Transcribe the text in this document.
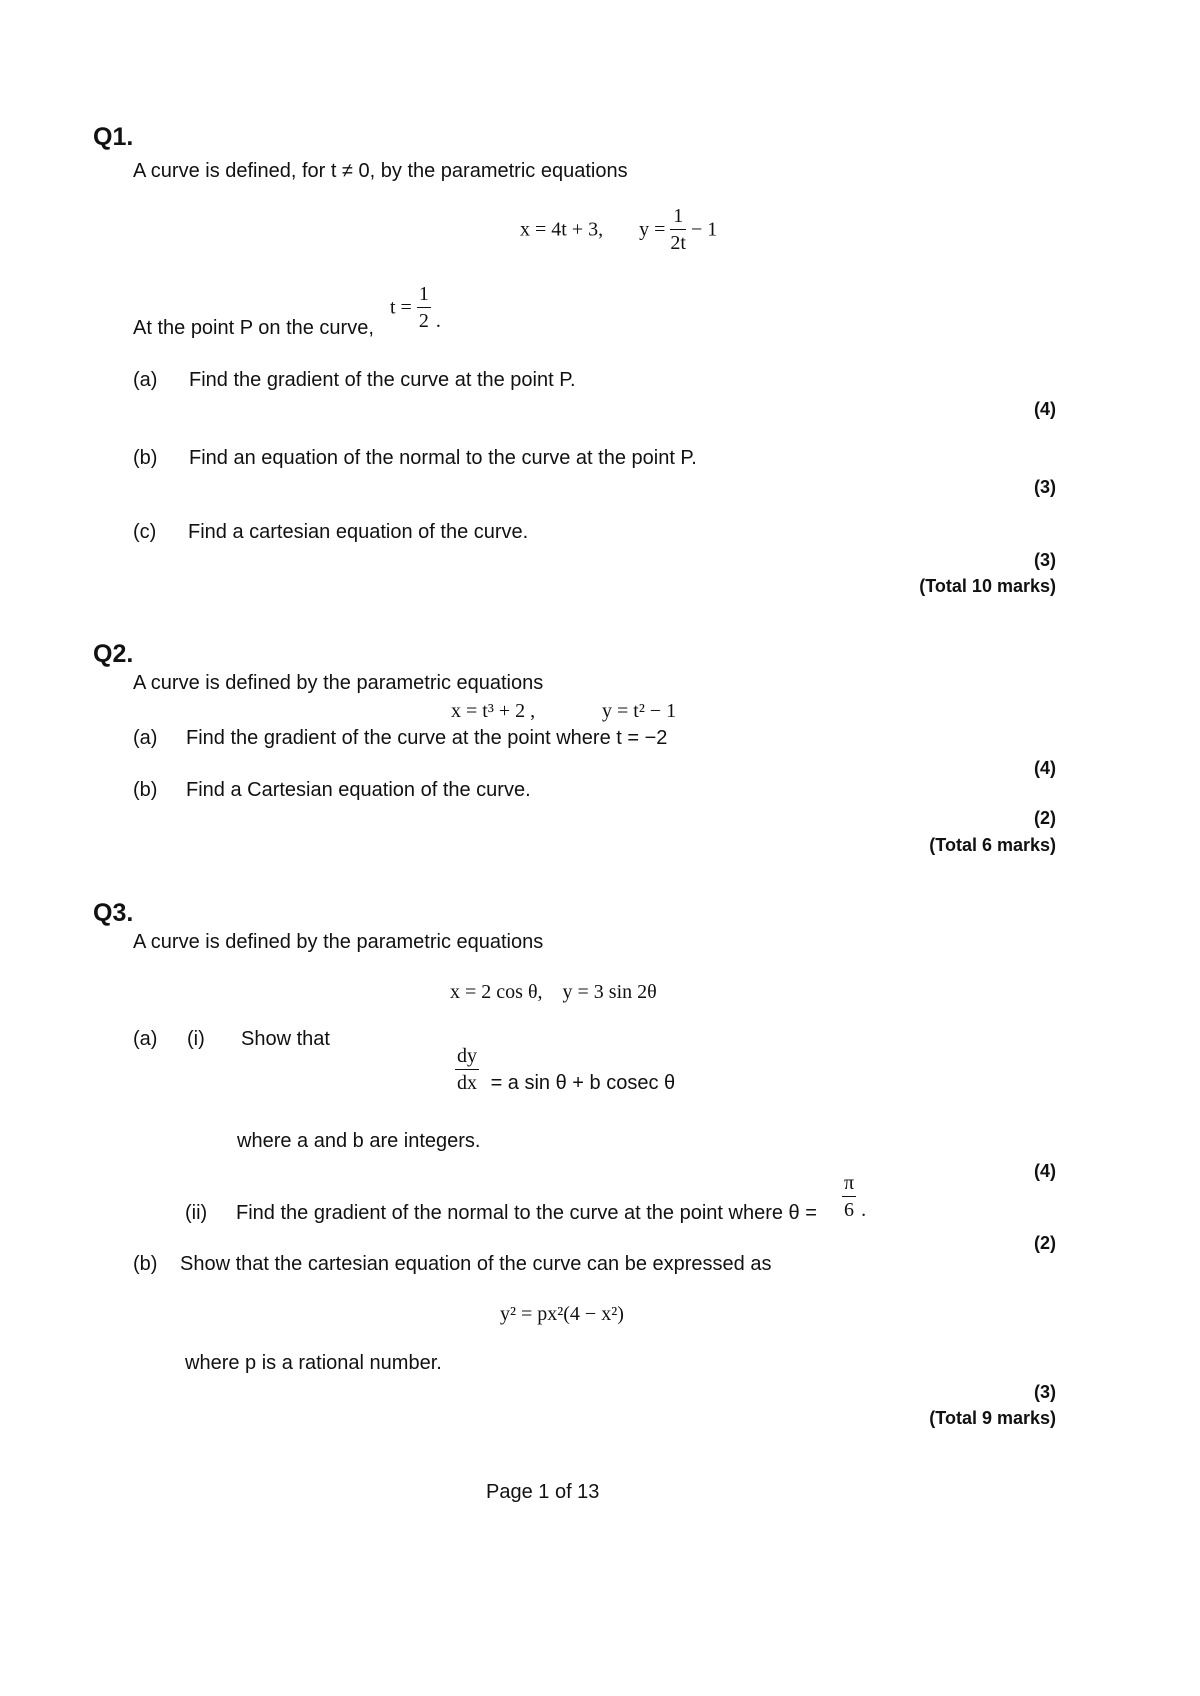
Q1.
A curve is defined, for t ≠ 0, by the parametric equations
x = 4t + 3, $y = \frac{1}{2t} - 1$
At the point P on the curve,
$t = \frac{1}{2}$ .
(a) Find the gradient of the curve at the point P.
(4)
(b) Find an equation of the normal to the curve at the point P.
(3)
(c) Find a cartesian equation of the curve.
(3)
(Total 10 marks)
Q2.
A curve is defined by the parametric equations
x = t³ + 2 ,	y = t² − 1
(a) Find the gradient of the curve at the point where t = −2
(4)
(b) Find a Cartesian equation of the curve.
(2)
(Total 6 marks)
Q3.
A curve is defined by the parametric equations
x = 2 cos θ,    y = 3 sin 2θ
(a) (i) Show that
$\frac{dy}{dx} = a$ sin θ + b cosec θ
where a and b are integers.
(4)
(ii) Find the gradient of the normal to the curve at the point where $\theta = \frac{\pi}{6}$ .
(2)
(b) Show that the cartesian equation of the curve can be expressed as
y² = px²(4 − x²)
where p is a rational number.
(3)
(Total 9 marks)
Page 1 of 13
